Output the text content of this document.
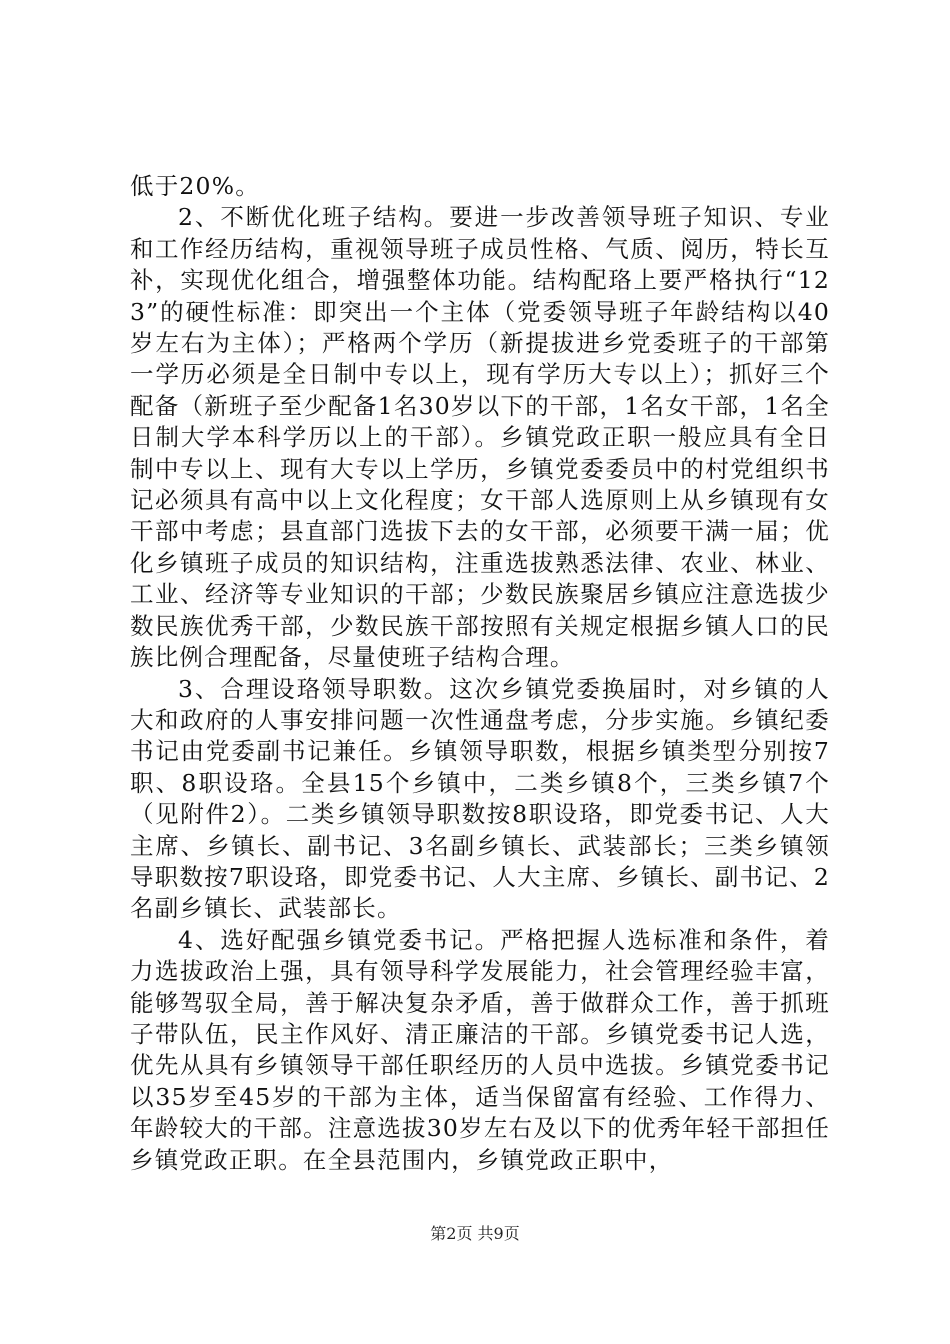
低于20%。

2、不断优化班子结构。要进一步改善领导班子知识、专业和工作经历结构，重视领导班子成员性格、气质、阅历，特长互补，实现优化组合，增强整体功能。结构配珞上要严格执行“123”的硬性标准：即突出一个主体（党委领导班子年龄结构以40岁左右为主体）；严格两个学历（新提拔进乡党委班子的干部第一学历必须是全日制中专以上，现有学历大专以上）；抓好三个配备（新班子至少配备1名30岁以下的干部，1名女干部，1名全日制大学本科学历以上的干部）。乡镇党政正职一般应具有全日制中专以上、现有大专以上学历，乡镇党委委员中的村党组织书记必须具有高中以上文化程度；女干部人选原则上从乡镇现有女干部中考虑；县直部门选拔下去的女干部，必须要干满一届；优化乡镇班子成员的知识结构，注重选拔熟悉法律、农业、林业、工业、经济等专业知识的干部；少数民族聚居乡镇应注意选拔少数民族优秀干部，少数民族干部按照有关规定根据乡镇人口的民族比例合理配备，尽量使班子结构合理。

3、合理设珞领导职数。这次乡镇党委换届时，对乡镇的人大和政府的人事安排问题一次性通盘考虑，分步实施。乡镇纪委书记由党委副书记兼任。乡镇领导职数，根据乡镇类型分别按7职、8职设珞。全县15个乡镇中，二类乡镇8个，三类乡镇7个（见附件2）。二类乡镇领导职数按8职设珞，即党委书记、人大主席、乡镇长、副书记、3名副乡镇长、武装部长；三类乡镇领导职数按7职设珞，即党委书记、人大主席、乡镇长、副书记、2名副乡镇长、武装部长。

4、选好配强乡镇党委书记。严格把握人选标准和条件，着力选拔政治上强，具有领导科学发展能力，社会管理经验丰富，能够驾驭全局，善于解决复杂矛盾，善于做群众工作，善于抓班子带队伍，民主作风好、清正廉洁的干部。乡镇党委书记人选，优先从具有乡镇领导干部任职经历的人员中选拔。乡镇党委书记以35岁至45岁的干部为主体，适当保留富有经验、工作得力、年龄较大的干部。注意选拔30岁左右及以下的优秀年轻干部担任乡镇党政正职。在全县范围内，乡镇党政正职中，

第2页 共9页
